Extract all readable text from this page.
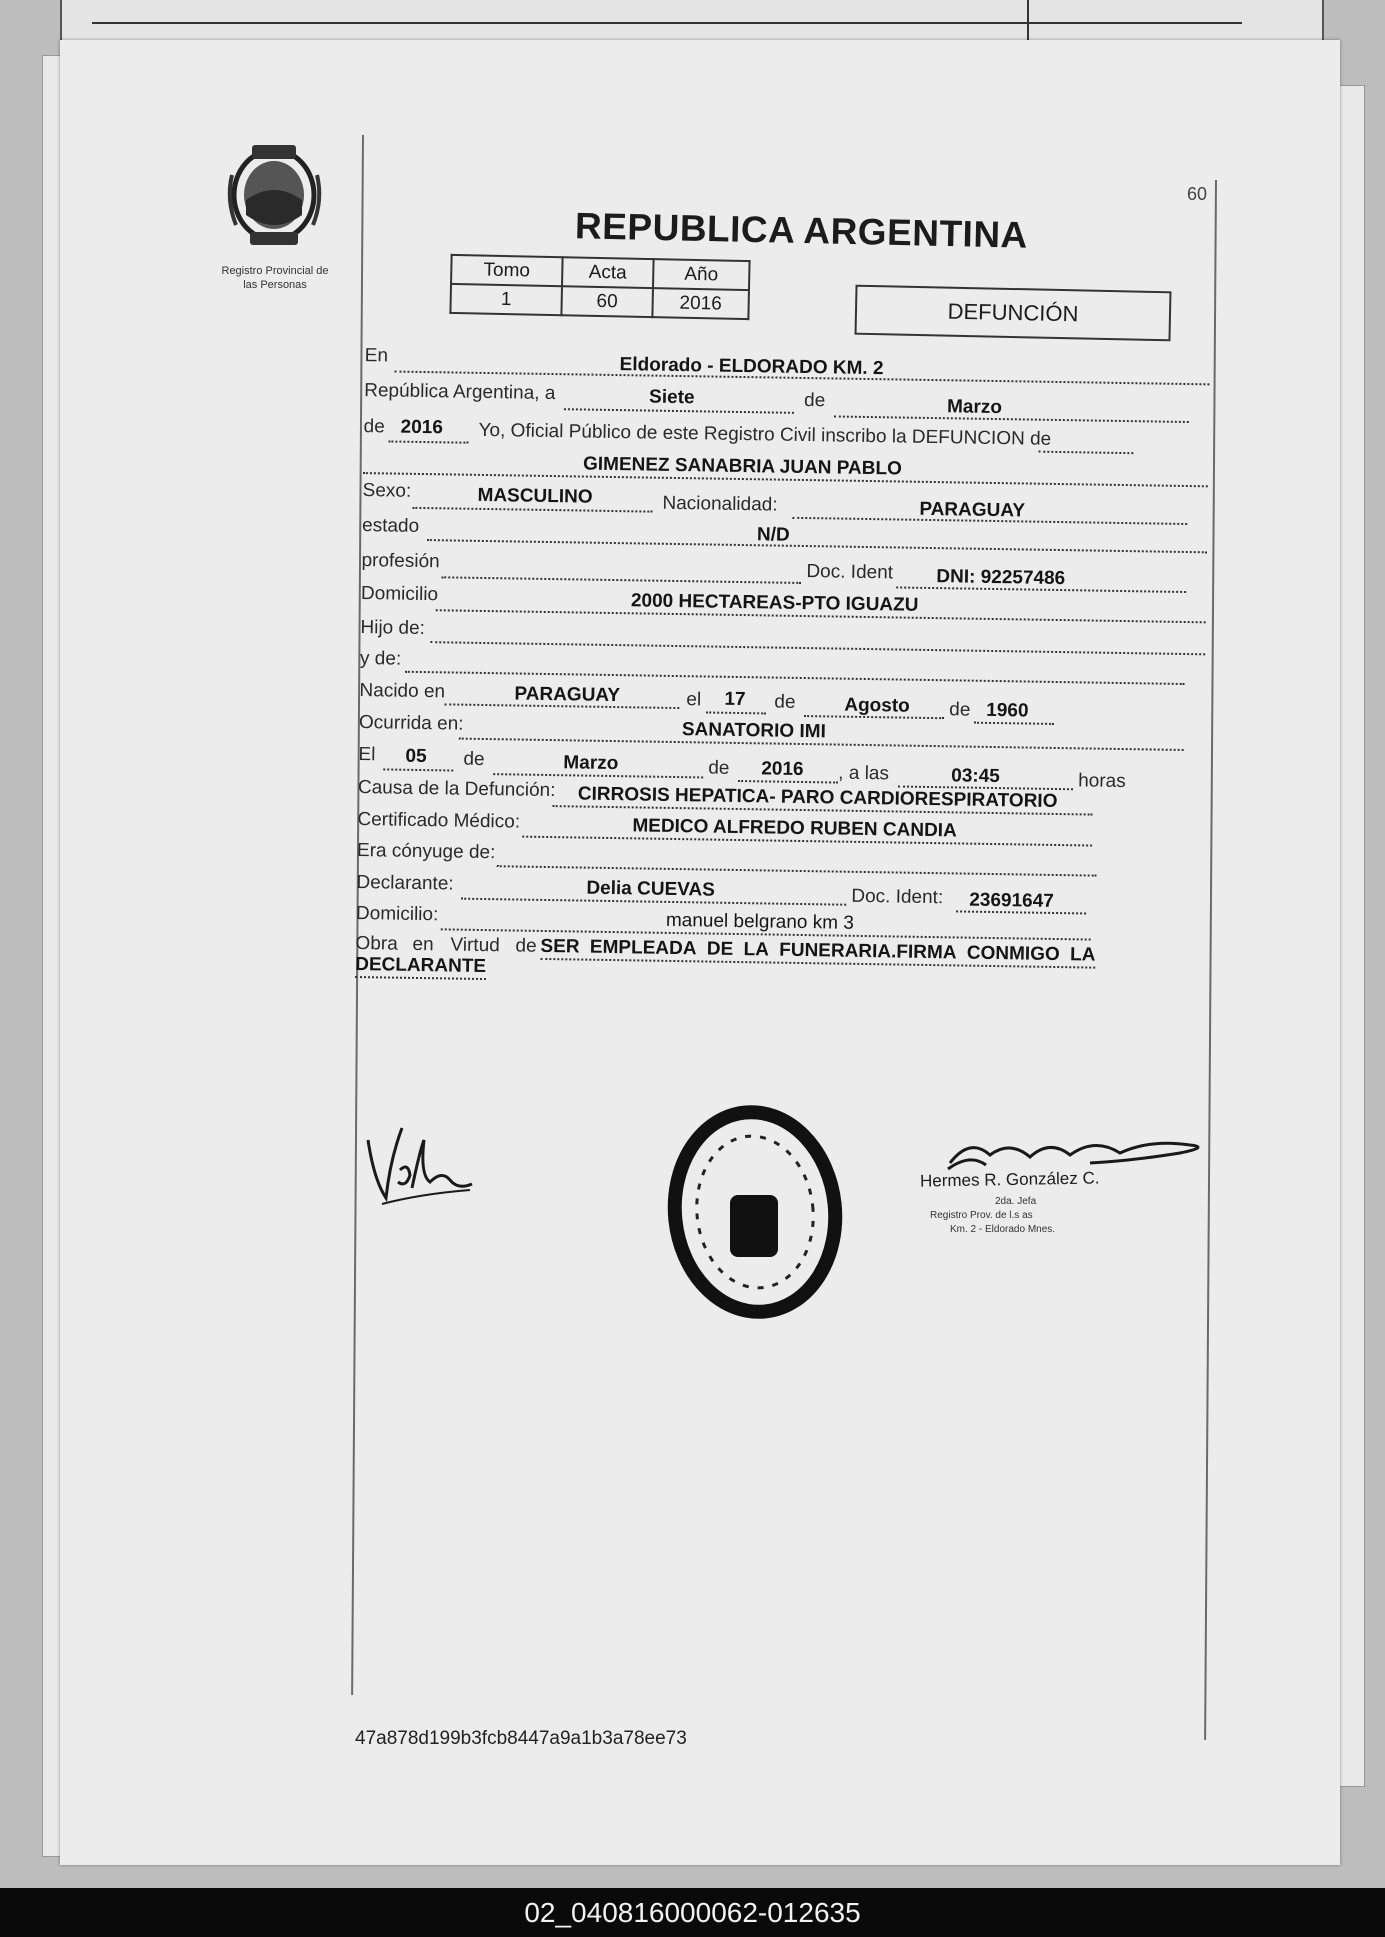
Registro Provincial de
las Personas
60
REPUBLICA ARGENTINA
Tomo	Acta	Año
1	60	2016	DEFUNCIÓN
En	Eldorado - ELDORADO KM. 2
República Argentina, a	Siete	de	Marzo
de 2016 Yo, Oficial Público de este Registro Civil inscribo la DEFUNCION de
GIMENEZ SANABRIA JUAN PABLO
Sexo:	MASCULINO	Nacionalidad:	PARAGUAY
estado	N/D
profesión	Doc. Ident DNI: 92257486
Domicilio	2000 HECTAREAS-PTO IGUAZU
Hijo de:
y de:
Nacido en	PARAGUAY	el 17 de	Agosto de 1960
Ocurrida en:	SANATORIO IMI
El 05 de	Marzo	de 2016 , a las	03:45	horas
Causa de la Defunción: CIRROSIS HEPATICA- PARO CARDIORESPIRATORIO
Certificado Médico:	MEDICO ALFREDO RUBEN CANDIA
Era cónyuge de:
Declarante:	Delia CUEVAS	Doc. Ident: 23691647
Domicilio:	manuel belgrano km 3
Obra en Virtud de SER EMPLEADA DE LA FUNERARIA.FIRMA CONMIGO LA
DECLARANTE
Hermes R. González C.
2da. Jefa
Registro Prov. de l.s as
Km. 2 - Eldorado Mnes.
47a878d199b3fcb8447a9a1b3a78ee73
02_040816000062-012635
